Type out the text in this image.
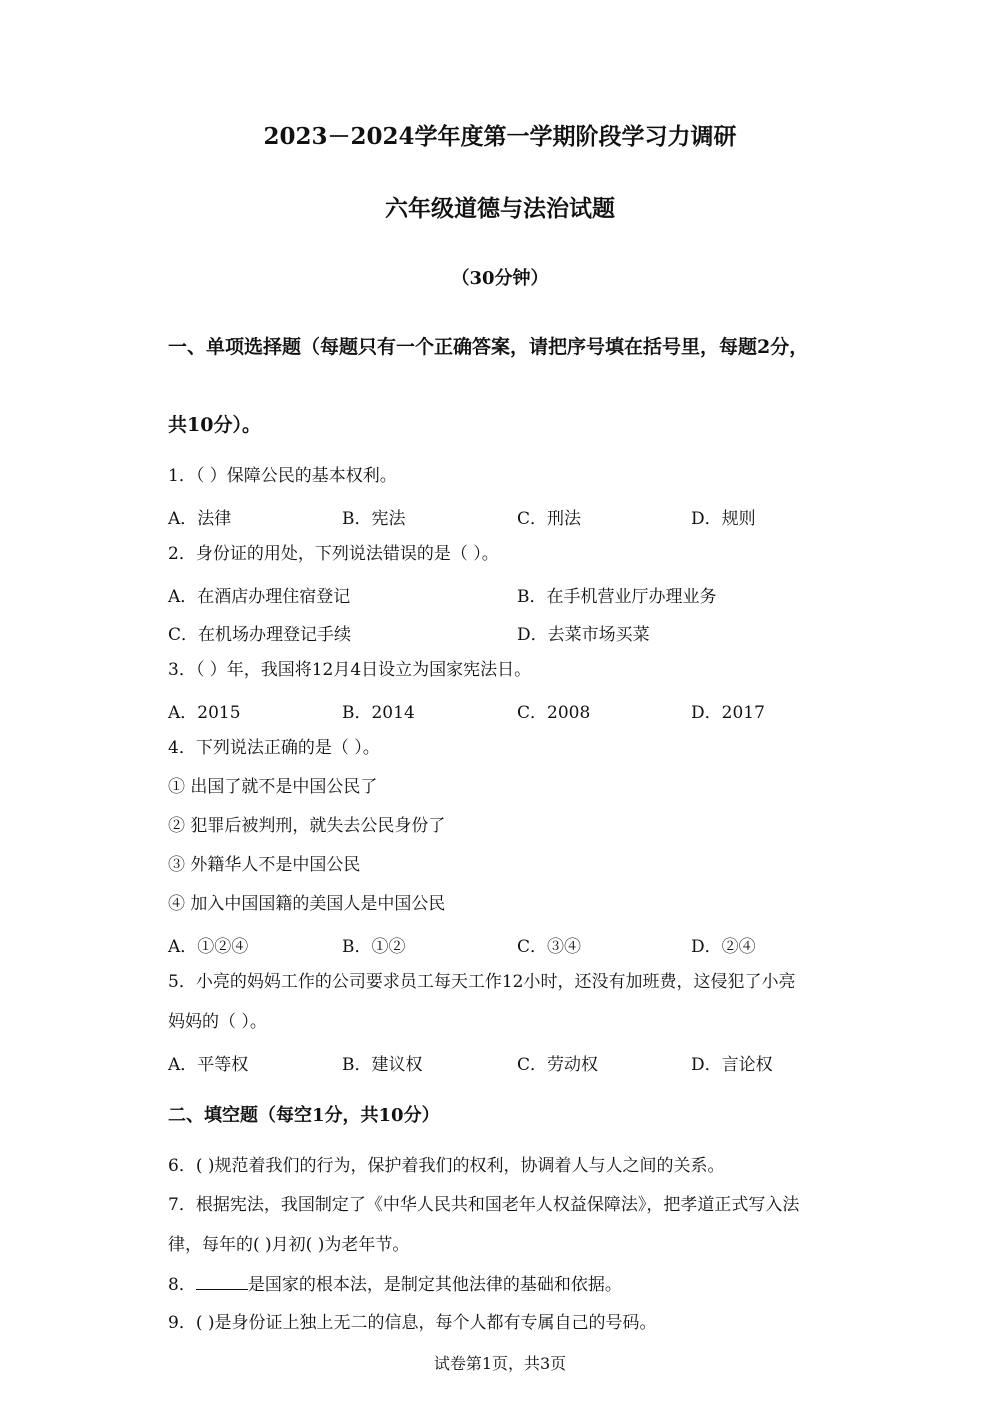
2023－2024学年度第一学期阶段学习力调研
六年级道德与法治试题
（30分钟）
一、单项选择题（每题只有一个正确答案，请把序号填在括号里，每题2分，
共10分）。
1．（ ）保障公民的基本权利。
A．法律	B．宪法	C．刑法	D．规则
2．身份证的用处，下列说法错误的是（ ）。
A．在酒店办理住宿登记	B．在手机营业厅办理业务
C．在机场办理登记手续	D．去菜市场买菜
3．（ ）年，我国将12月4日设立为国家宪法日。
A．2015	B．2014	C．2008	D．2017
4．下列说法正确的是（ ）。
① 出国了就不是中国公民了
② 犯罪后被判刑，就失去公民身份了
③ 外籍华人不是中国公民
④ 加入中国国籍的美国人是中国公民
A．①②④	B．①②	C．③④	D．②④
5．小亮的妈妈工作的公司要求员工每天工作12小时，还没有加班费，这侵犯了小亮
妈妈的（ ）。
A．平等权	B．建议权	C．劳动权	D．言论权
二、填空题（每空1分，共10分）
6．( )规范着我们的行为，保护着我们的权利，协调着人与人之间的关系。
7．根据宪法，我国制定了《中华人民共和国老年人权益保障法》，把孝道正式写入法
律，每年的( )月初( )为老年节。
8．	是国家的根本法，是制定其他法律的基础和依据。
9．( )是身份证上独上无二的信息，每个人都有专属自己的号码。
试卷第1页，共3页
